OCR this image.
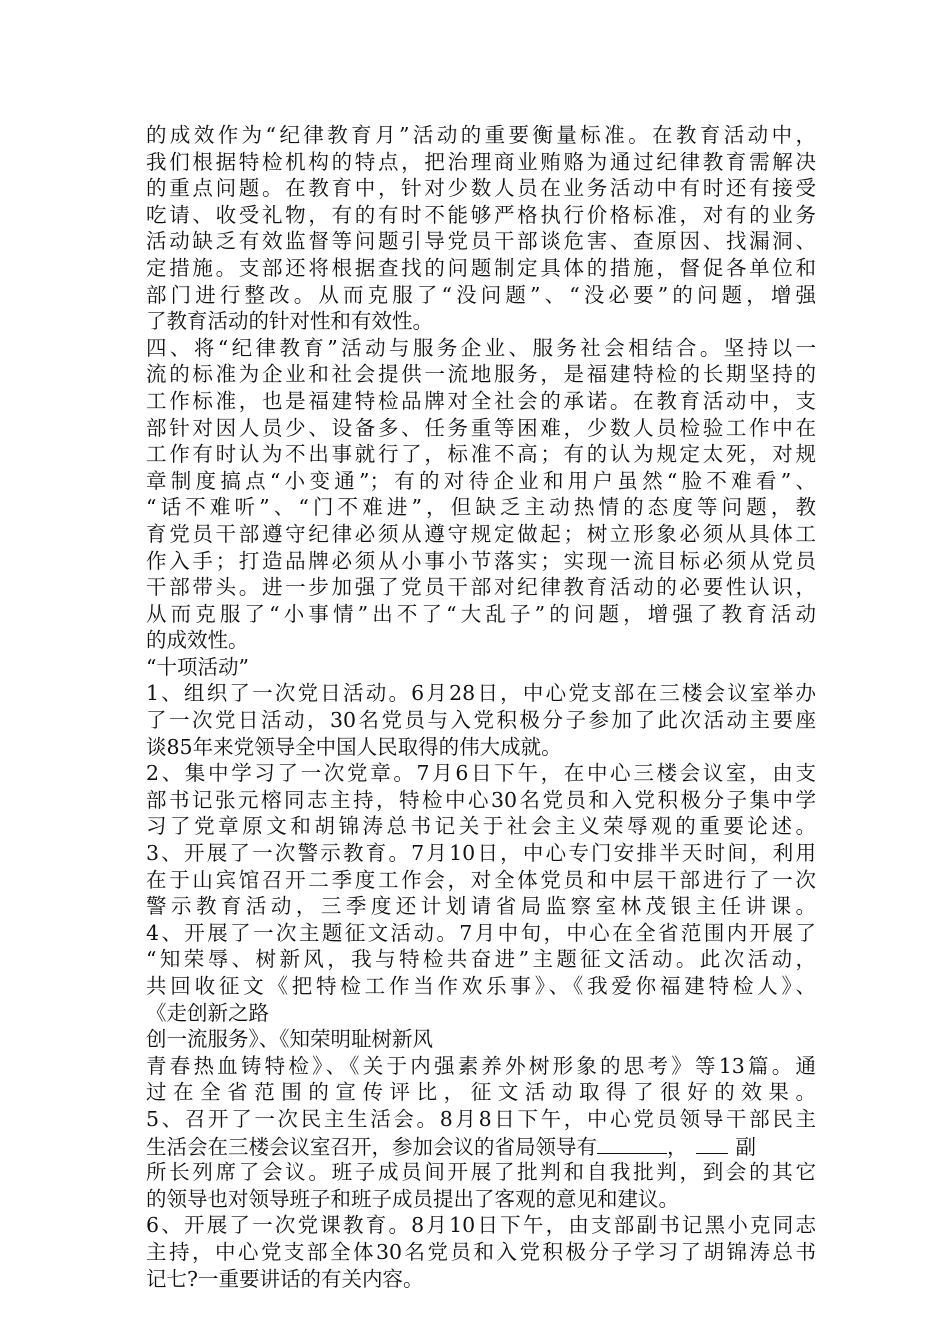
的成效作为“纪律教育月”活动的重要衡量标准。在教育活动中，
我们根据特检机构的特点，把治理商业贿赂为通过纪律教育需解决
的重点问题。在教育中，针对少数人员在业务活动中有时还有接受
吃请、收受礼物，有的有时不能够严格执行价格标准，对有的业务
活动缺乏有效监督等问题引导党员干部谈危害、查原因、找漏洞、
定措施。支部还将根据查找的问题制定具体的措施，督促各单位和
部门进行整改。从而克服了“没问题”、“没必要”的问题，增强
了教育活动的针对性和有效性。
四、将“纪律教育”活动与服务企业、服务社会相结合。坚持以一
流的标准为企业和社会提供一流地服务，是福建特检的长期坚持的
工作标准，也是福建特检品牌对全社会的承诺。在教育活动中，支
部针对因人员少、设备多、任务重等困难，少数人员检验工作中在
工作有时认为不出事就行了，标准不高；有的认为规定太死，对规
章制度搞点“小变通”；有的对待企业和用户虽然“脸不难看”、
“话不难听”、“门不难进”，但缺乏主动热情的态度等问题，教
育党员干部遵守纪律必须从遵守规定做起；树立形象必须从具体工
作入手；打造品牌必须从小事小节落实；实现一流目标必须从党员
干部带头。进一步加强了党员干部对纪律教育活动的必要性认识，
从而克服了“小事情”出不了“大乱子”的问题，增强了教育活动
的成效性。
“十项活动”
1、组织了一次党日活动。6月28日，中心党支部在三楼会议室举办
了一次党日活动，30名党员与入党积极分子参加了此次活动主要座
谈85年来党领导全中国人民取得的伟大成就。
2、集中学习了一次党章。7月6日下午，在中心三楼会议室，由支
部书记张元榕同志主持，特检中心30名党员和入党积极分子集中学
习了党章原文和胡锦涛总书记关于社会主义荣辱观的重要论述。
3、开展了一次警示教育。7月10日，中心专门安排半天时间，利用
在于山宾馆召开二季度工作会，对全体党员和中层干部进行了一次
警示教育活动，三季度还计划请省局监察室林茂银主任讲课。
4、开展了一次主题征文活动。7月中旬，中心在全省范围内开展了
“知荣辱、树新风，我与特检共奋进”主题征文活动。此次活动，
共回收征文《把特检工作当作欢乐事》、《我爱你福建特检人》、
《走创新之路
创一流服务》、《知荣明耻树新风
青春热血铸特检》、《关于内强素养外树形象的思考》等13篇。通
过在全省范围的宣传评比，征文活动取得了很好的效果。
5、召开了一次民主生活会。8月8日下午，中心党员领导干部民主
生活会在三楼会议室召开，参加会议的省局领导有	， 副
所长列席了会议。班子成员间开展了批判和自我批判，到会的其它
的领导也对领导班子和班子成员提出了客观的意见和建议。
6、开展了一次党课教育。8月10日下午，由支部副书记黑小克同志
主持，中心党支部全体30名党员和入党积极分子学习了胡锦涛总书
记七?一重要讲话的有关内容。
